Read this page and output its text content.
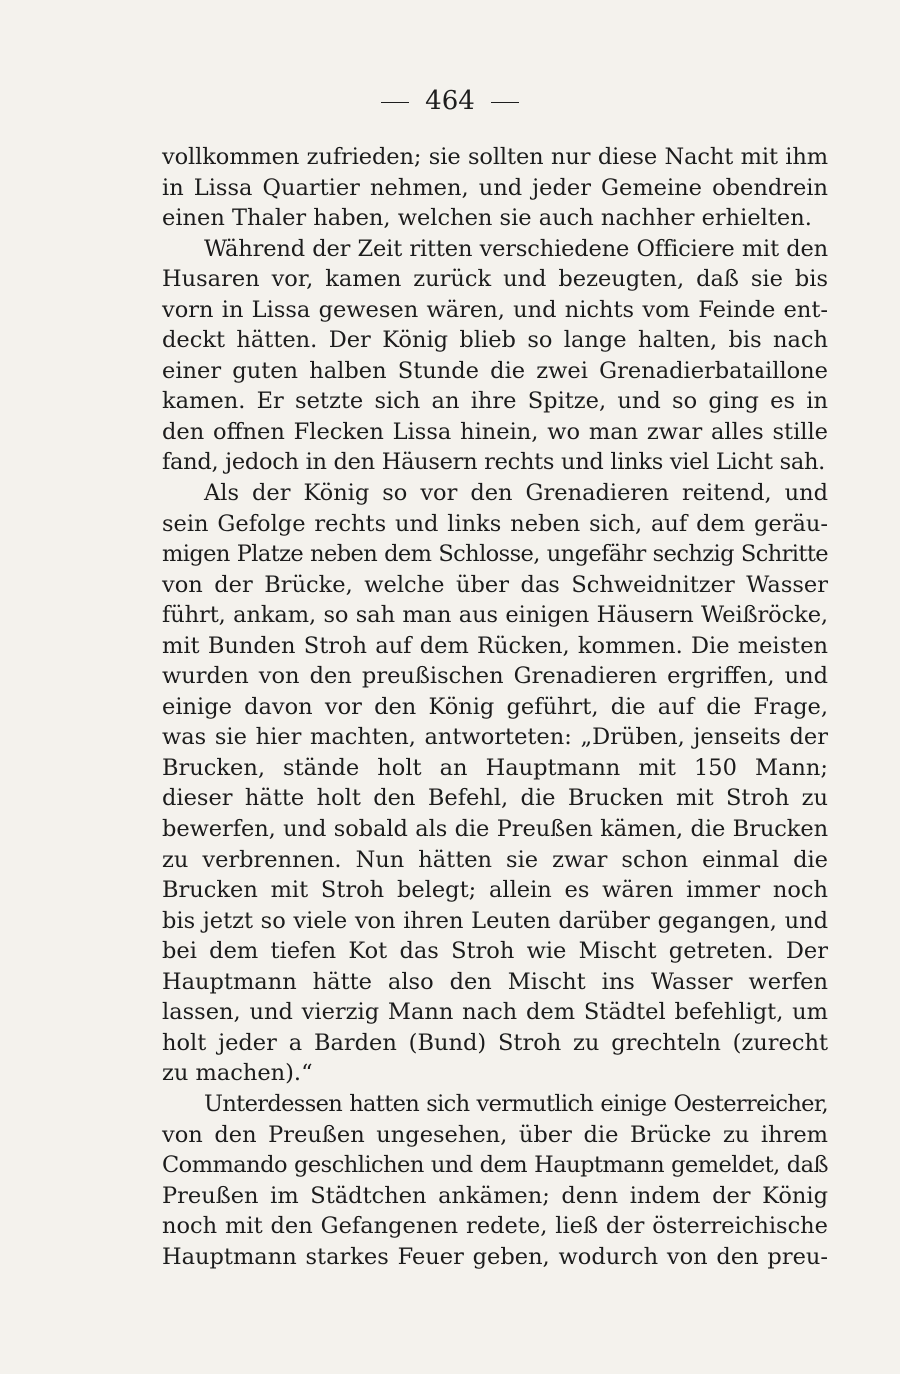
464
vollkommen zufrieden; sie sollten nur diese Nacht mit ihm
in Lissa Quartier nehmen, und jeder Gemeine obendrein
einen Thaler haben, welchen sie auch nachher erhielten.
Während der Zeit ritten verschiedene Officiere mit den
Husaren vor, kamen zurück und bezeugten, daß sie bis
vorn in Lissa gewesen wären, und nichts vom Feinde ent-
deckt hätten. Der König blieb so lange halten, bis nach
einer guten halben Stunde die zwei Grenadierbataillone
kamen. Er setzte sich an ihre Spitze, und so ging es in
den offnen Flecken Lissa hinein, wo man zwar alles stille
fand, jedoch in den Häusern rechts und links viel Licht sah.
Als der König so vor den Grenadieren reitend, und
sein Gefolge rechts und links neben sich, auf dem geräu-
migen Platze neben dem Schlosse, ungefähr sechzig Schritte
von der Brücke, welche über das Schweidnitzer Wasser
führt, ankam, so sah man aus einigen Häusern Weißröcke,
mit Bunden Stroh auf dem Rücken, kommen. Die meisten
wurden von den preußischen Grenadieren ergriffen, und
einige davon vor den König geführt, die auf die Frage,
was sie hier machten, antworteten: „Drüben, jenseits der
Brucken, stände holt an Hauptmann mit 150 Mann;
dieser hätte holt den Befehl, die Brucken mit Stroh zu
bewerfen, und sobald als die Preußen kämen, die Brucken
zu verbrennen. Nun hätten sie zwar schon einmal die
Brucken mit Stroh belegt; allein es wären immer noch
bis jetzt so viele von ihren Leuten darüber gegangen, und
bei dem tiefen Kot das Stroh wie Mischt getreten. Der
Hauptmann hätte also den Mischt ins Wasser werfen
lassen, und vierzig Mann nach dem Städtel befehligt, um
holt jeder a Barden (Bund) Stroh zu grechteln (zurecht
zu machen).“
Unterdessen hatten sich vermutlich einige Oesterreicher,
von den Preußen ungesehen, über die Brücke zu ihrem
Commando geschlichen und dem Hauptmann gemeldet, daß
Preußen im Städtchen ankämen; denn indem der König
noch mit den Gefangenen redete, ließ der österreichische
Hauptmann starkes Feuer geben, wodurch von den preu-
